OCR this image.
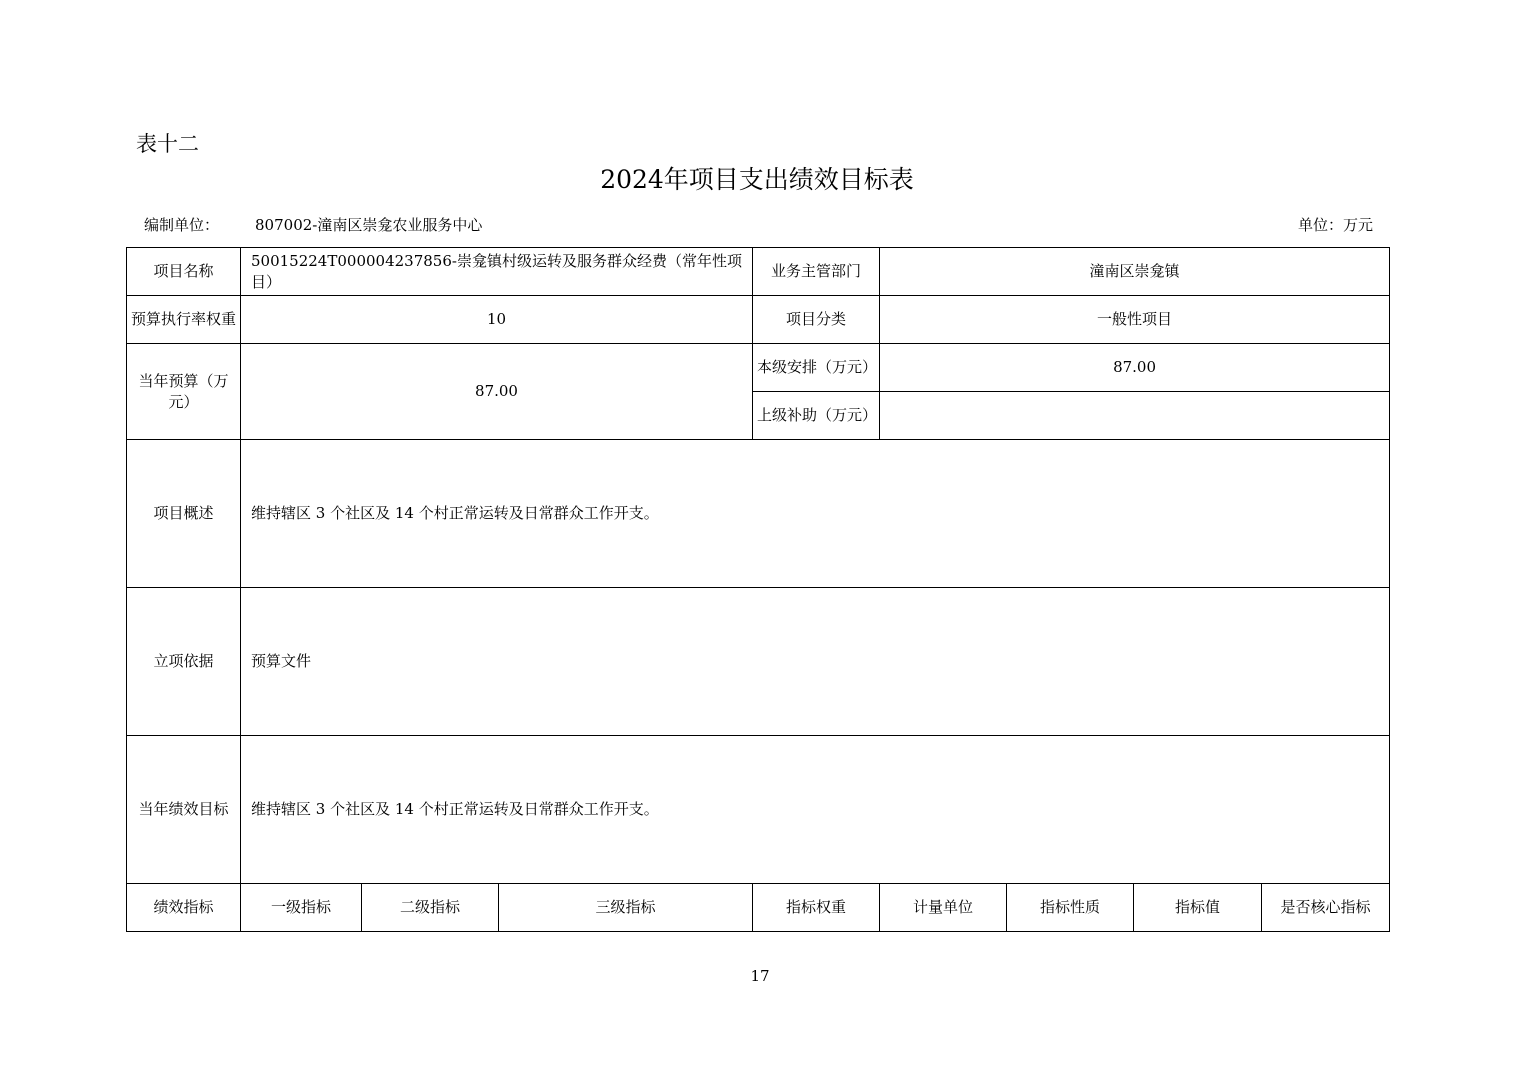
表十二
2024年项目支出绩效目标表
编制单位： 807002-潼南区崇龛农业服务中心	单位：万元
项目名称	50015224T000004237856-崇龛镇村级运转及服务群众经费（常年性项目）			业务主管部门	潼南区崇龛镇			
预算执行率权重	10			项目分类	一般性项目			
当年预算（万元）	87.00			本级安排（万元）	87.00			
				上级补助（万元）				
项目概述	维持辖区 3 个社区及 14 个村正常运转及日常群众工作开支。							
立项依据	预算文件							
当年绩效目标	维持辖区 3 个社区及 14 个村正常运转及日常群众工作开支。							
绩效指标	一级指标	二级指标	三级指标	指标权重	计量单位	指标性质	指标值	是否核心指标
17
